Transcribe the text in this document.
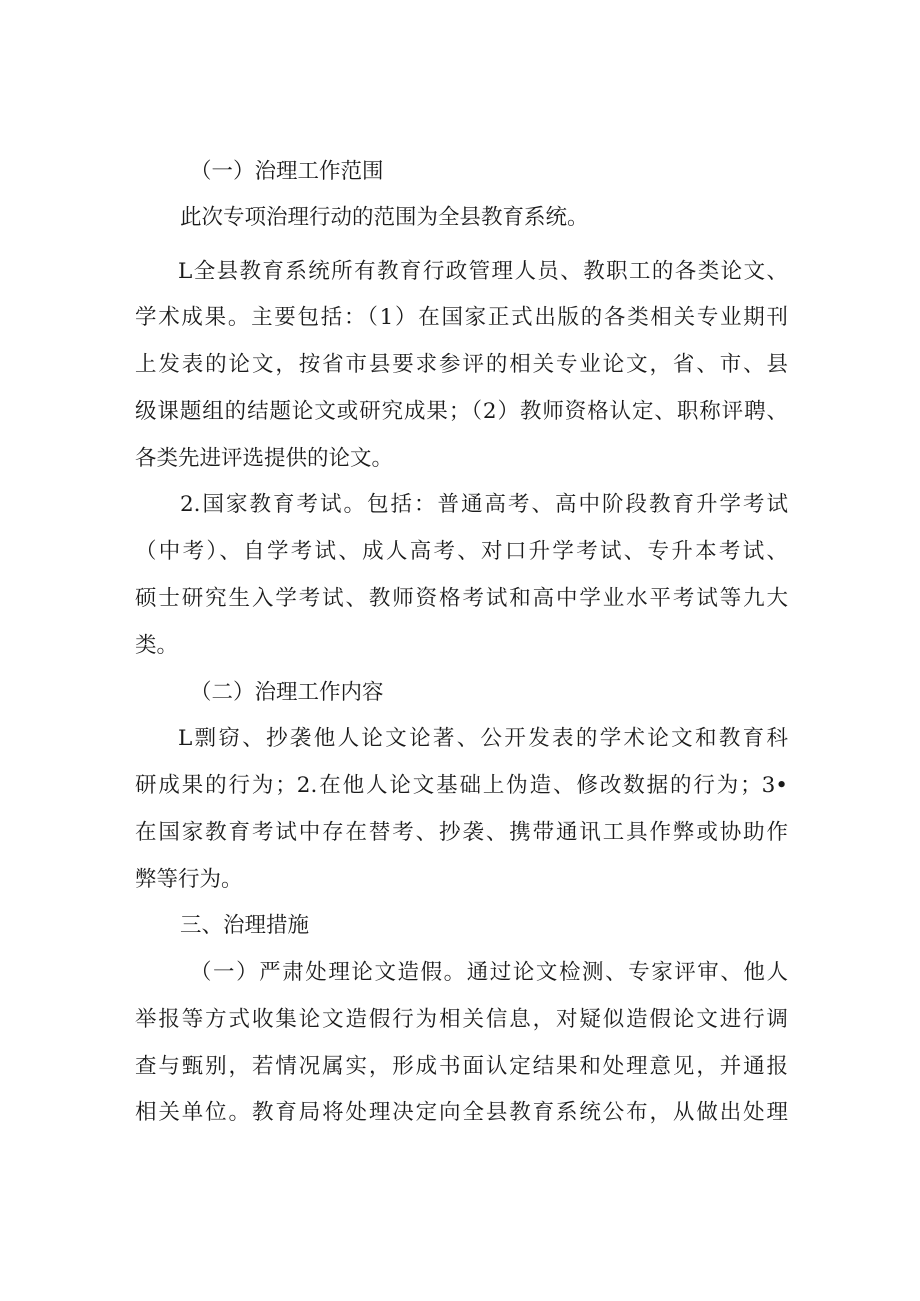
（一）治理工作范围
此次专项治理行动的范围为全县教育系统。
L全县教育系统所有教育行政管理人员、教职工的各类论文、
学术成果。主要包括：（1）在国家正式出版的各类相关专业期刊
上发表的论文，按省市县要求参评的相关专业论文，省、市、县
级课题组的结题论文或研究成果；（2）教师资格认定、职称评聘、
各类先进评选提供的论文。
2.国家教育考试。包括：普通高考、高中阶段教育升学考试
（中考）、自学考试、成人高考、对口升学考试、专升本考试、
硕士研究生入学考试、教师资格考试和高中学业水平考试等九大
类。
（二）治理工作内容
L剽窃、抄袭他人论文论著、公开发表的学术论文和教育科
研成果的行为；2.在他人论文基础上伪造、修改数据的行为；3•
在国家教育考试中存在替考、抄袭、携带通讯工具作弊或协助作
弊等行为。
三、治理措施
（一）严肃处理论文造假。通过论文检测、专家评审、他人
举报等方式收集论文造假行为相关信息，对疑似造假论文进行调
查与甄别，若情况属实，形成书面认定结果和处理意见，并通报
相关单位。教育局将处理决定向全县教育系统公布，从做出处理
